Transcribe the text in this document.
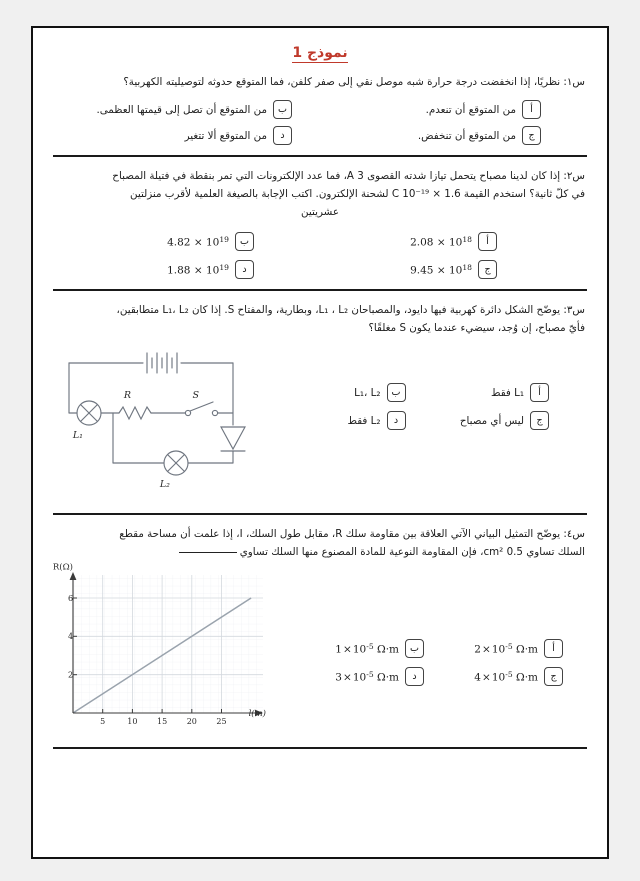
نموذج 1
س١: نظريًا، إذا انخفضت درجة حرارة شبه موصل نقي إلى صفر كلفن، فما المتوقع حدوثه لتوصيليته الكهربية؟
أ
من المتوقع أن تنعدم.
ب
من المتوقع أن تصل إلى قيمتها العظمى.
ج
من المتوقع أن تنخفض.
د
من المتوقع ألا تتغير
س٢: إذا كان لدينا مصباح يتحمل تيازا شدته القصوى 3 A، فما عدد الإلكترونات التي تمر بنقطة في فتيلة المصباح
في كلّ ثانية؟ استخدم القيمة C 10⁻¹⁹ × 1.6 لشحنة الإلكترون. اكتب الإجابة بالصيغة العلمية لأقرب منزلتين
عشريتين
أ
$2.08 \times 10^{18}$
ب
$4.82 \times 10^{19}$
ج
$9.45 \times 10^{18}$
د
$1.88 \times 10^{19}$
س٣: يوضّح الشكل دائرة كهربية فيها دايود، والمصباحان L₁ ، L₂، وبطارية، والمفتاح S. إذا كان L₁، L₂ متطابقين،
فأيّ مصباح، إن وُجد، سيضيء عندما يكون S مغلقًا؟
أ
L₁ فقط
ب
L₁، L₂
ج
ليس أي مصباح
د
L₂ فقط
R	S
L₁
L₂
س٤: يوضّح التمثيل البياني الآتي العلاقة بين مقاومة سلك R، مقابل طول السلك، I، إذا علمت أن مساحة مقطع
السلك تساوي 0.5 cm²، فإن المقاومة النوعية للمادة المصنوع منها السلك تساوي
أ
2 × $10^{-5}$ Ω·m
ب
1 × $10^{-5}$ Ω·m
ج
4 × $10^{-5}$ Ω·m
د
3 × $10^{-5}$ Ω·m
5	10 15 20 25
2
4
6
R(Ω)
l(m)
